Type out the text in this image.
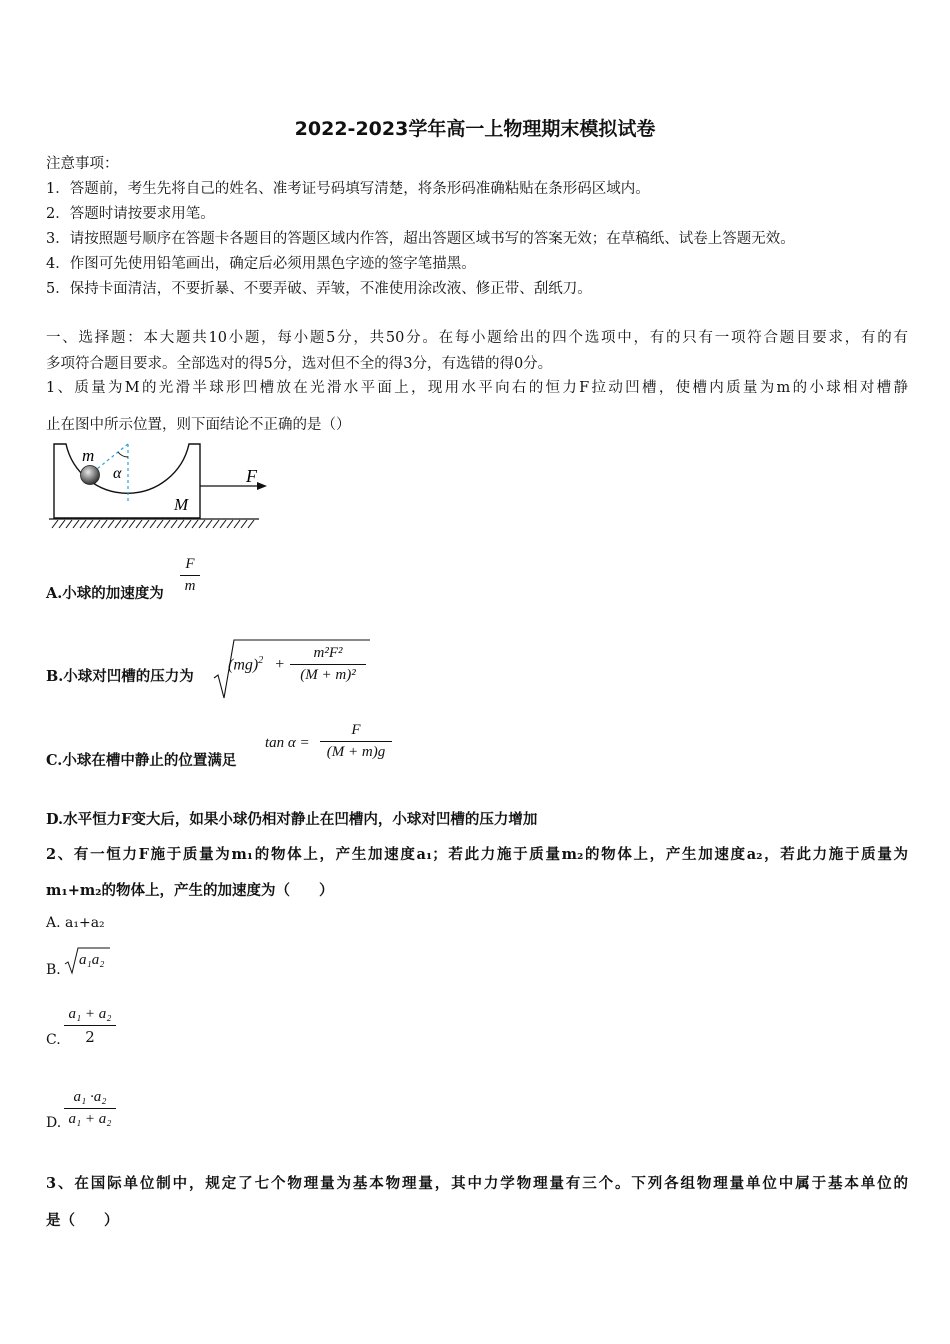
2022-2023学年高一上物理期末模拟试卷
注意事项：
1．答题前，考生先将自己的姓名、准考证号码填写清楚，将条形码准确粘贴在条形码区域内。
2．答题时请按要求用笔。
3．请按照题号顺序在答题卡各题目的答题区域内作答，超出答题区域书写的答案无效；在草稿纸、试卷上答题无效。
4．作图可先使用铅笔画出，确定后必须用黑色字迹的签字笔描黑。
5．保持卡面清洁，不要折暴、不要弄破、弄皱，不准使用涂改液、修正带、刮纸刀。
一、选择题：本大题共10小题，每小题5分，共50分。在每小题给出的四个选项中，有的只有一项符合题目要求，有的有
多项符合题目要求。全部选对的得5分，选对但不全的得3分，有选错的得0分。
1、质量为M的光滑半球形凹槽放在光滑水平面上，现用水平向右的恒力F拉动凹槽，使槽内质量为m的小球相对槽静
止在图中所示位置，则下面结论不正确的是（）
m
α
M
F
A.小球的加速度为
F
m
B.小球对凹槽的压力为
(mg)$^2$ +
m²F²
(M + m)²
C.小球在槽中静止的位置满足
tan α =
F
(M + m)g
D.水平恒力F变大后，如果小球仍相对静止在凹槽内，小球对凹槽的压力增加
2、有一恒力F施于质量为m₁的物体上，产生加速度a₁；若此力施于质量m₂的物体上，产生加速度a₂，若此力施于质量为
m₁+m₂的物体上，产生的加速度为（　　）
A. a₁+a₂
B.
a₁a₂
C.
a₁ + a₂
2
D.
a₁ ·a₂
a₁ + a₂
3、在国际单位制中，规定了七个物理量为基本物理量，其中力学物理量有三个。下列各组物理量单位中属于基本单位的
是（　　）
